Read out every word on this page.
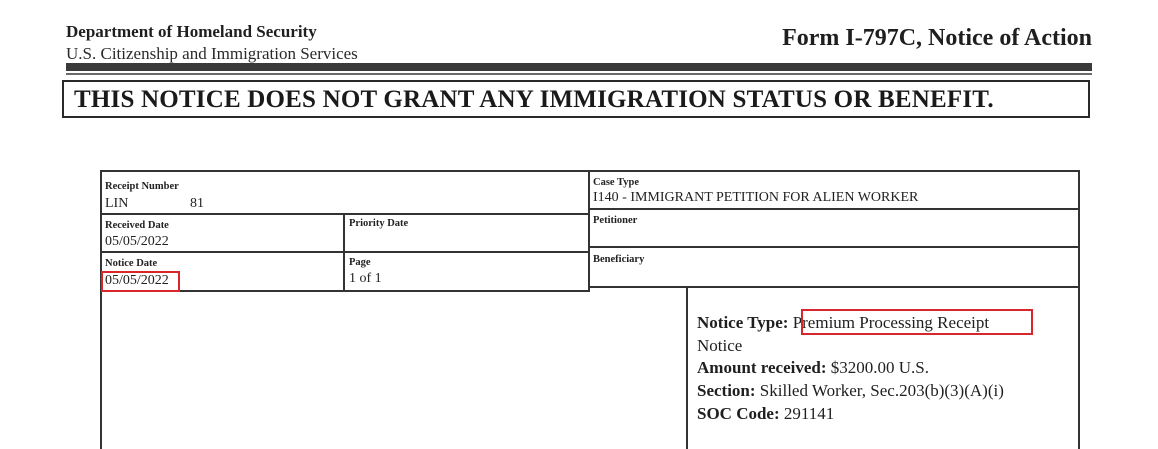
Department of Homeland Security
U.S. Citizenship and Immigration Services
Form I-797C, Notice of Action
THIS NOTICE DOES NOT GRANT ANY IMMIGRATION STATUS OR BENEFIT.
Receipt Number
LIN	81
Case Type
I140 - IMMIGRANT PETITION FOR ALIEN WORKER
Received Date
05/05/2022
Priority Date	Petitioner
Notice Date
05/05/2022
Page
1 of 1
Beneficiary
Notice Type: Premium Processing Receipt
Notice
Amount received: $3200.00 U.S.
Section: Skilled Worker, Sec.203(b)(3)(A)(i)
SOC Code: 291141
